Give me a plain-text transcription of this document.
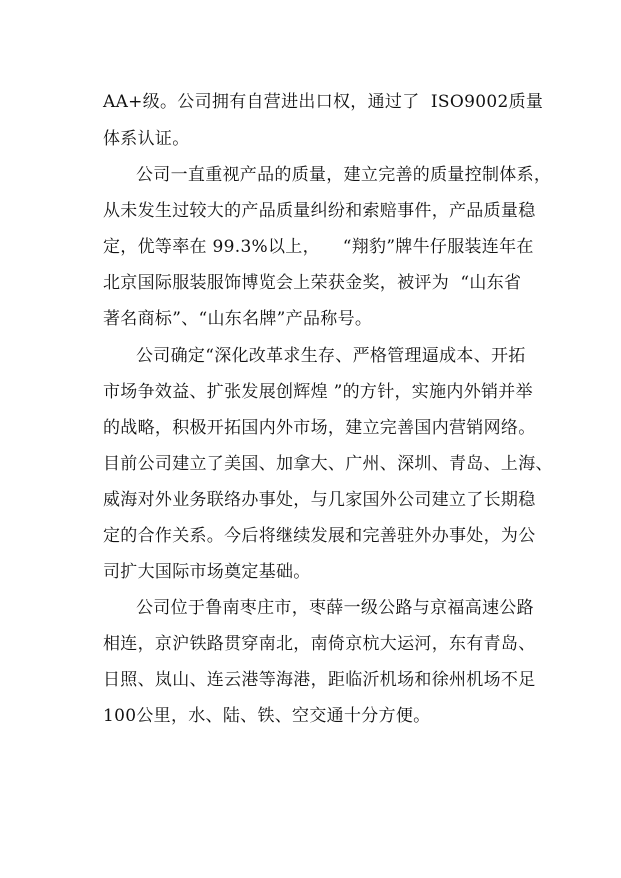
AA+级。公司拥有自营进出口权，通过了  ISO9002质量
体系认证。
公司一直重视产品的质量，建立完善的质量控制体系，
从未发生过较大的产品质量纠纷和索赔事件，产品质量稳
定，优等率在 99.3%以上，    “翔豹”牌牛仔服装连年在
北京国际服装服饰博览会上荣获金奖，被评为  “山东省
著名商标”、“山东名牌”产品称号。
公司确定“深化改革求生存、严格管理逼成本、开拓
市场争效益、扩张发展创辉煌 ”的方针，实施内外销并举
的战略，积极开拓国内外市场，建立完善国内营销网络。
目前公司建立了美国、加拿大、广州、深圳、青岛、上海、
威海对外业务联络办事处，与几家国外公司建立了长期稳
定的合作关系。今后将继续发展和完善驻外办事处，为公
司扩大国际市场奠定基础。
公司位于鲁南枣庄市，枣薛一级公路与京福高速公路
相连，京沪铁路贯穿南北，南倚京杭大运河，东有青岛、
日照、岚山、连云港等海港，距临沂机场和徐州机场不足
100公里，水、陆、铁、空交通十分方便。
